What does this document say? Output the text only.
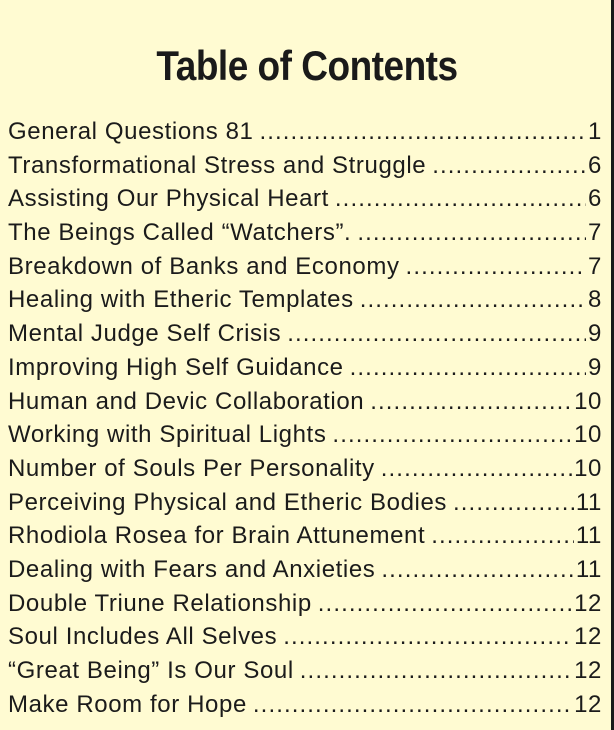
Table of Contents
General Questions 81 .....	1
Transformational Stress and Struggle .....	6
Assisting Our Physical Heart .....	6
The Beings Called “Watchers”. .....	7
Breakdown of Banks and Economy .....	7
Healing with Etheric Templates .....	8
Mental Judge Self Crisis .....	9
Improving High Self Guidance .....	9
Human and Devic Collaboration .....	10
Working with Spiritual Lights .....	10
Number of Souls Per Personality .....	10
Perceiving Physical and Etheric Bodies .....	11
Rhodiola Rosea for Brain Attunement .....	11
Dealing with Fears and Anxieties .....	11
Double Triune Relationship .....	12
Soul Includes All Selves .....	12
“Great Being” Is Our Soul .....	12
Make Room for Hope .....	12
